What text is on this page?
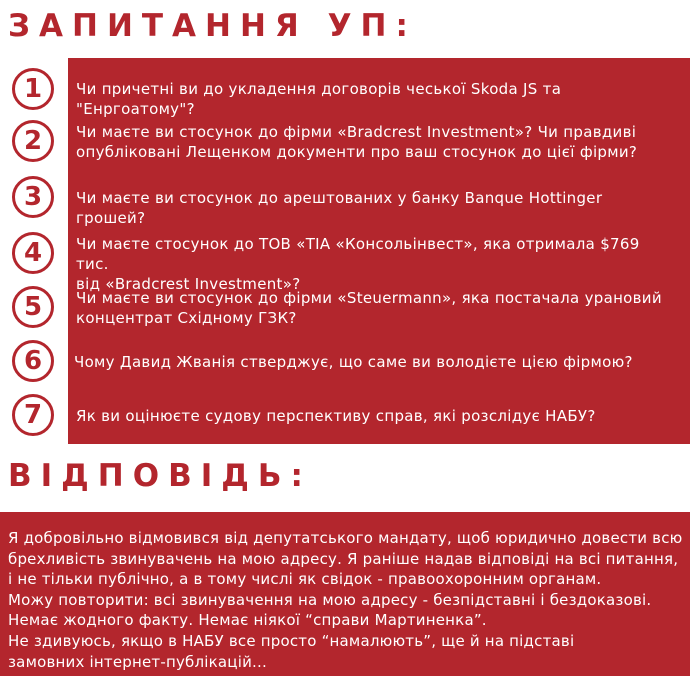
ЗАПИТАННЯ УП:
1	Чи причетні ви до укладення договорів чеської Skoda JS та "Енргоатому"?
2	Чи маєте ви стосунок до фірми «Bradcrest Investment»? Чи правдиві
опубліковані Лещенком документи про ваш стосунок до цієї фірми?
3	Чи маєте ви стосунок до арештованих у банку Banque Hottinger грошей?
4	Чи маєте стосунок до ТОВ «ТІА «Консольінвест», яка отримала $769 тис.
від «Bradcrest Investment»?
5	Чи маєте ви стосунок до фірми «Steuermann», яка постачала урановий
концентрат Східному ГЗК?
6	Чому Давид Жванія стверджує, що саме ви володієте цією фірмою?
7	Як ви оцінюєте судову перспективу справ, які розслідує НАБУ?
ВІДПОВІДЬ:
Я добровільно відмовився від депутатського мандату, щоб юридично довести всю
брехливість звинувачень на мою адресу. Я раніше надав відповіді на всі питання,
і не тільки публічно, а в тому числі як свідок - правоохоронним органам.
Можу повторити: всі звинувачення на мою адресу - безпідставні і бездоказові.
Немає жодного факту. Немає ніякої “справи Мартиненка”.
Не здивуюсь, якщо в НАБУ все просто “намалюють”, ще й на підставі
замовних інтернет-публікацій...
